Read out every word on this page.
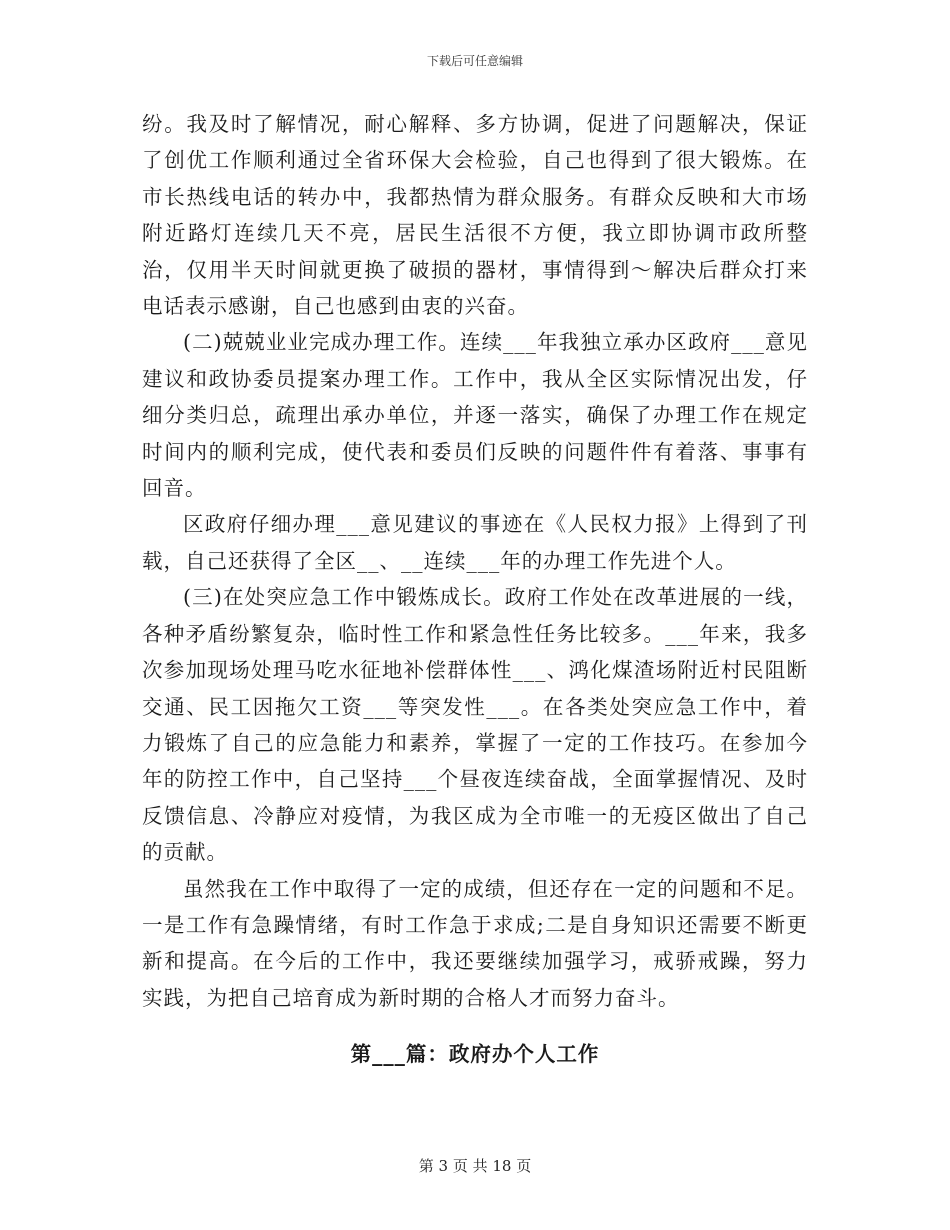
下载后可任意编辑

纷。我及时了解情况，耐心解释、多方协调，促进了问题解决，保证了创优工作顺利通过全省环保大会检验，自己也得到了很大锻炼。在市长热线电话的转办中，我都热情为群众服务。有群众反映和大市场附近路灯连续几天不亮，居民生活很不方便，我立即协调市政所整治，仅用半天时间就更换了破损的器材，事情得到～解决后群众打来电话表示感谢，自己也感到由衷的兴奋。

(二)兢兢业业完成办理工作。连续___年我独立承办区政府___意见建议和政协委员提案办理工作。工作中，我从全区实际情况出发，仔细分类归总，疏理出承办单位，并逐一落实，确保了办理工作在规定时间内的顺利完成，使代表和委员们反映的问题件件有着落、事事有回音。

区政府仔细办理___意见建议的事迹在《人民权力报》上得到了刊载，自己还获得了全区__、__连续___年的办理工作先进个人。

(三)在处突应急工作中锻炼成长。政府工作处在改革进展的一线，各种矛盾纷繁复杂，临时性工作和紧急性任务比较多。___年来，我多次参加现场处理马吃水征地补偿群体性___、鸿化煤渣场附近村民阻断交通、民工因拖欠工资___等突发性___。在各类处突应急工作中，着力锻炼了自己的应急能力和素养，掌握了一定的工作技巧。在参加今年的防控工作中，自己坚持___个昼夜连续奋战，全面掌握情况、及时反馈信息、冷静应对疫情，为我区成为全市唯一的无疫区做出了自己的贡献。

虽然我在工作中取得了一定的成绩，但还存在一定的问题和不足。一是工作有急躁情绪，有时工作急于求成;二是自身知识还需要不断更新和提高。在今后的工作中，我还要继续加强学习，戒骄戒躁，努力实践，为把自己培育成为新时期的合格人才而努力奋斗。

第___篇：政府办个人工作
第 3 页 共 18 页
